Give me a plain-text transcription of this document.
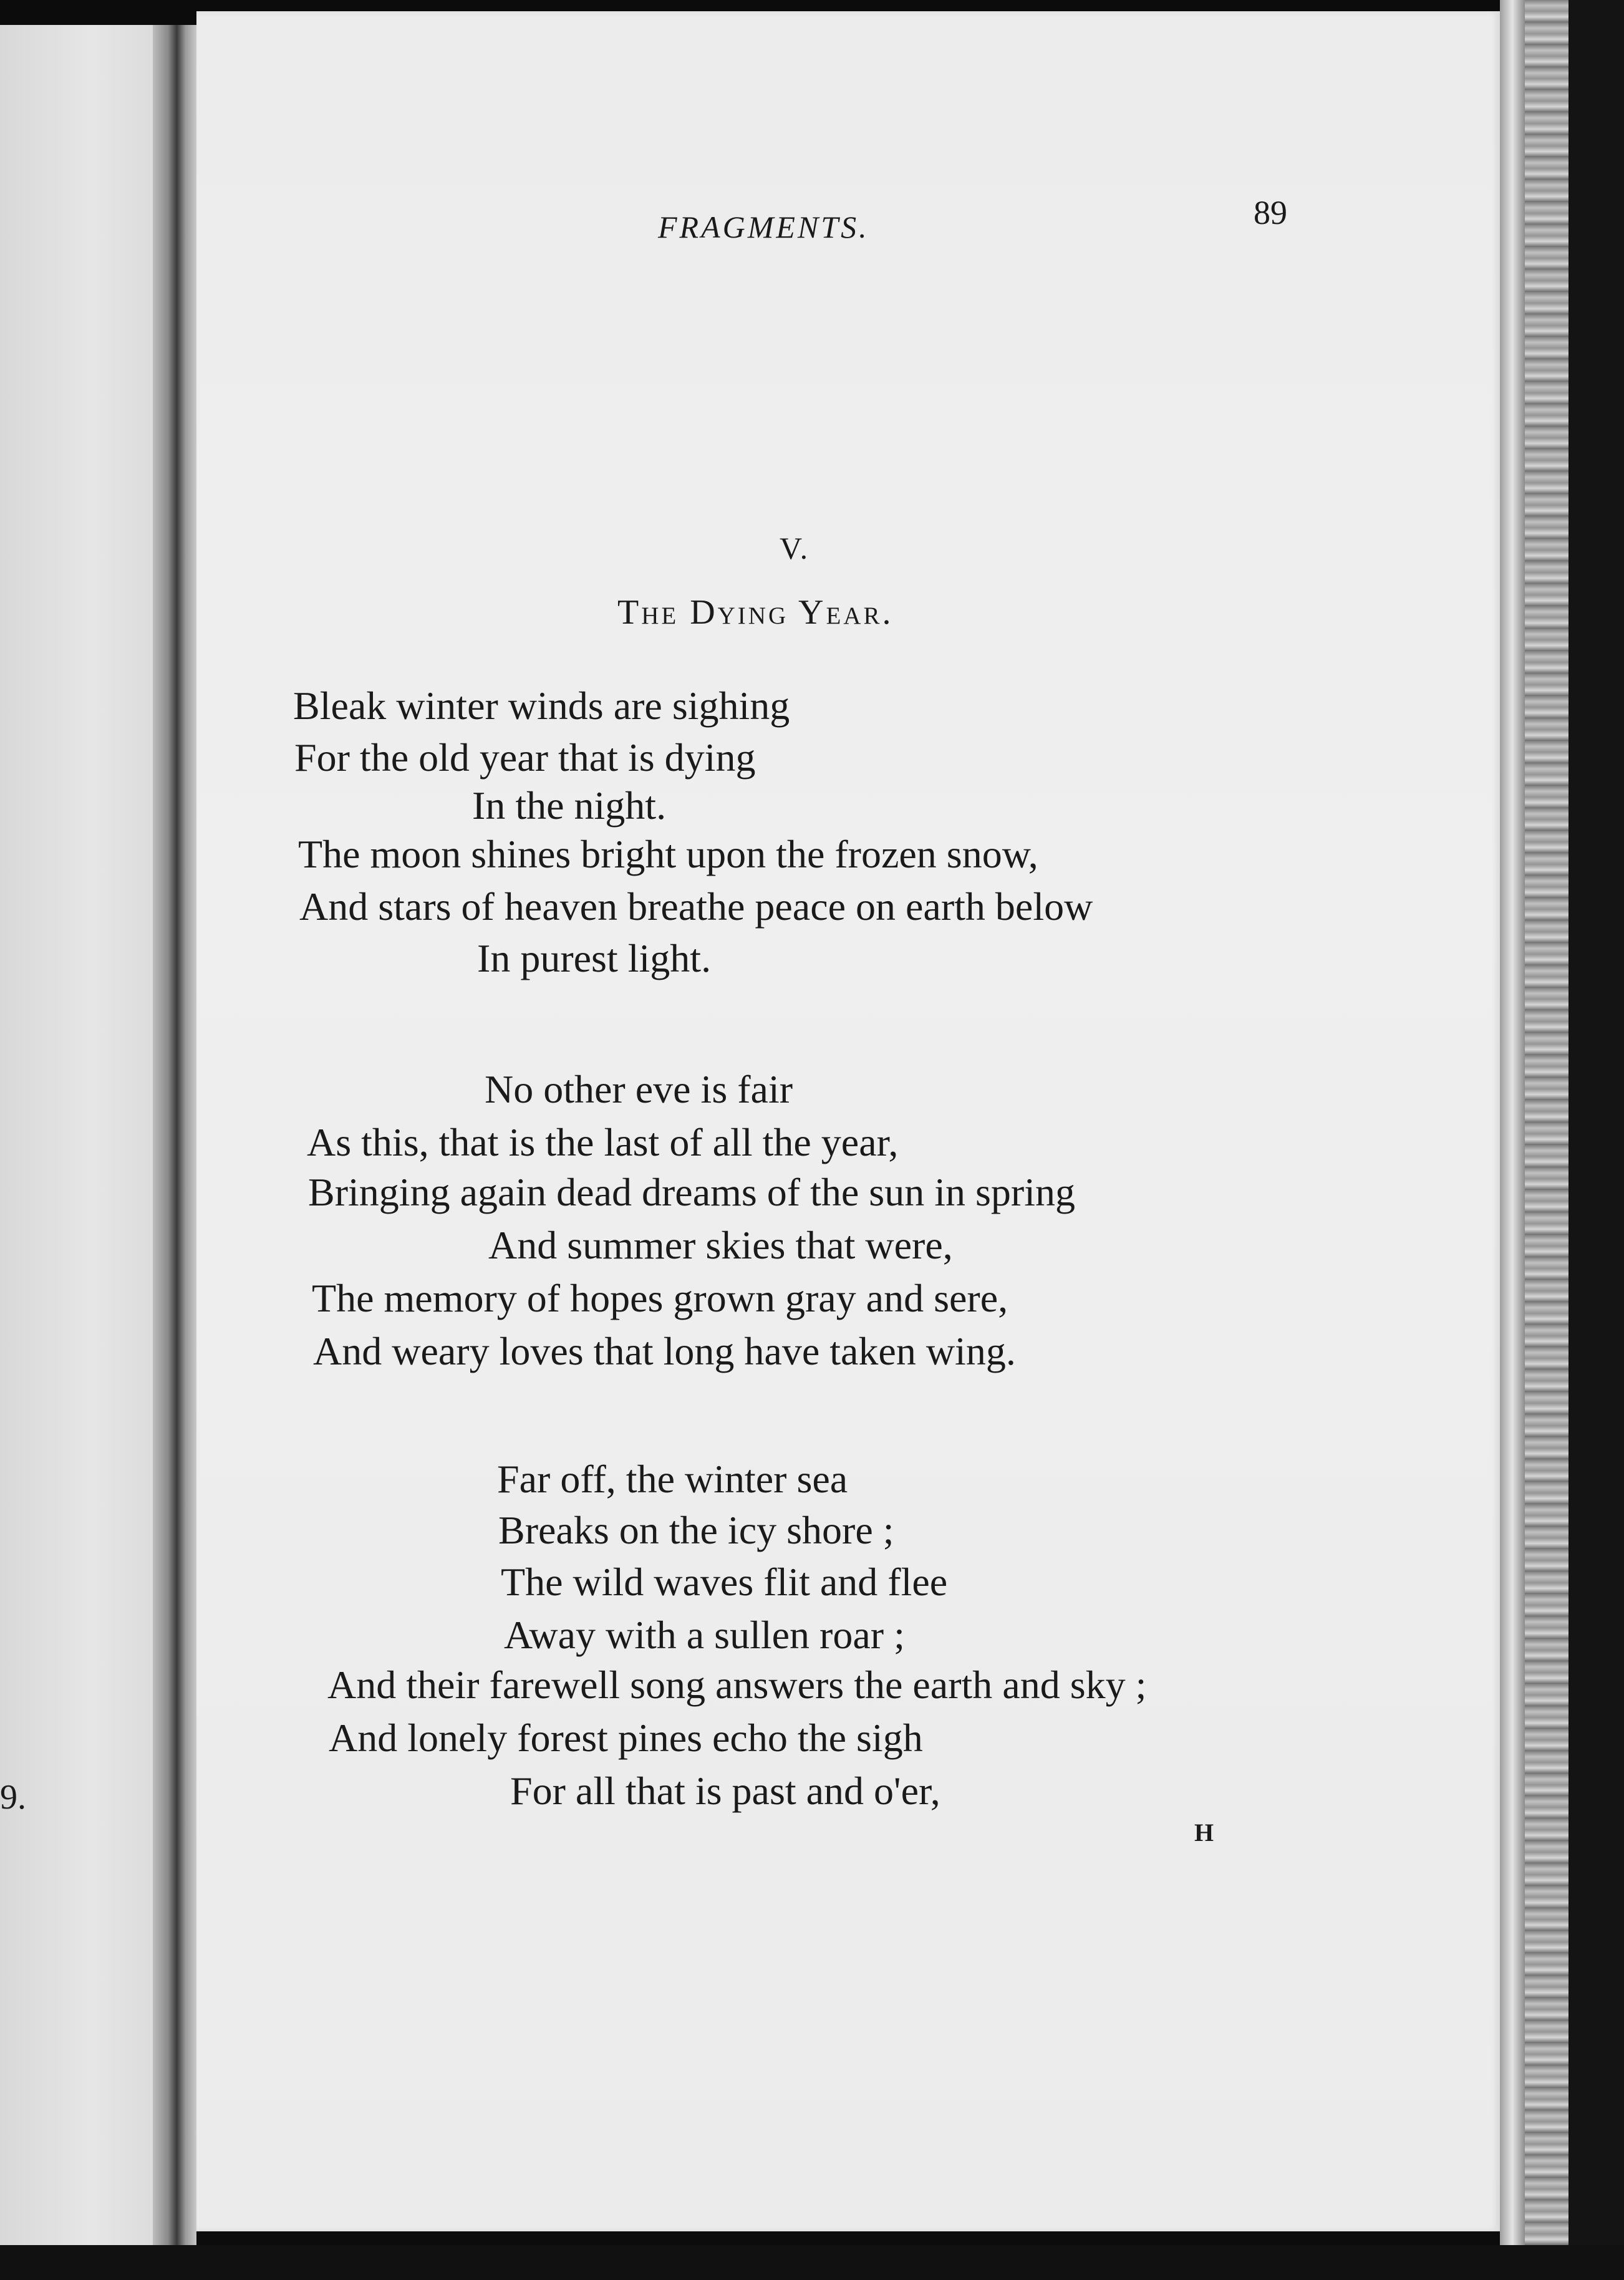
9.
FRAGMENTS.	89
V.
The Dying Year.
Bleak winter winds are sighing
For the old year that is dying
In the night.
The moon shines bright upon the frozen snow,
And stars of heaven breathe peace on earth below
In purest light.
No other eve is fair
As this, that is the last of all the year,
Bringing again dead dreams of the sun in spring
And summer skies that were,
The memory of hopes grown gray and sere,
And weary loves that long have taken wing.
Far off, the winter sea
Breaks on the icy shore ;
The wild waves flit and flee
Away with a sullen roar ;
And their farewell song answers the earth and sky ;
And lonely forest pines echo the sigh
For all that is past and o'er,
H
